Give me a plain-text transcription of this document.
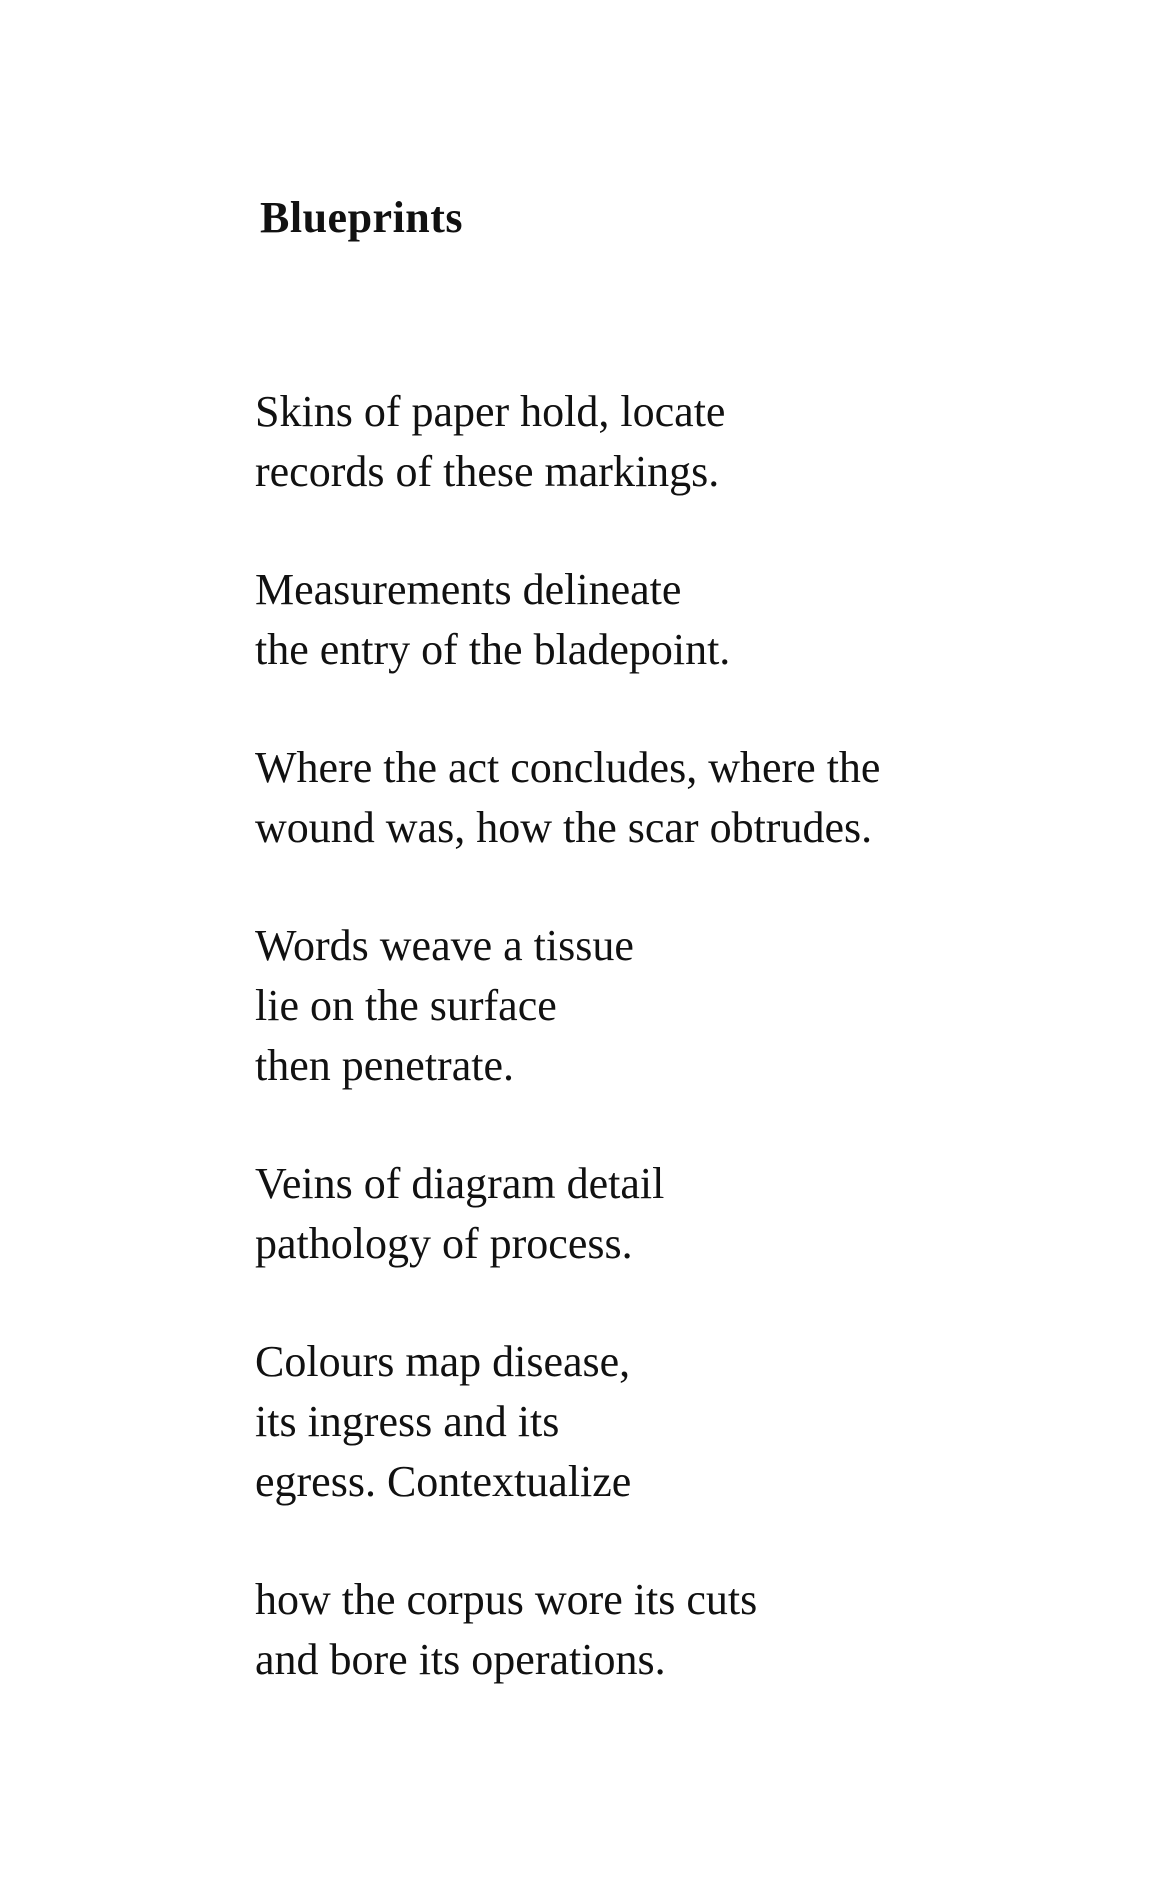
Blueprints
Skins of paper hold, locate
records of these markings.
Measurements delineate
the entry of the bladepoint.
Where the act concludes, where the
wound was, how the scar obtrudes.
Words weave a tissue
lie on the surface
then penetrate.
Veins of diagram detail
pathology of process.
Colours map disease,
its ingress and its
egress. Contextualize
how the corpus wore its cuts
and bore its operations.
